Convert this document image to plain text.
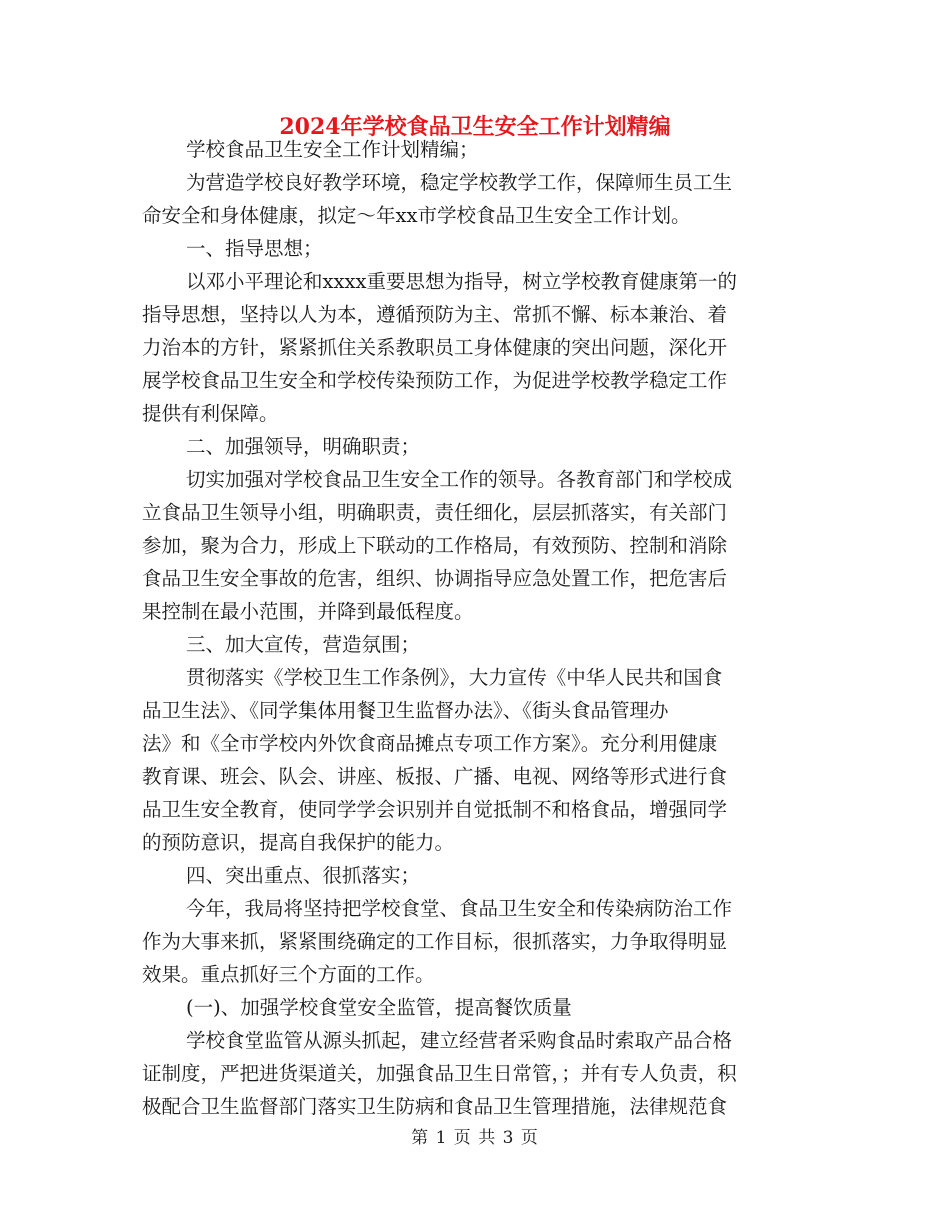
2024年学校食品卫生安全工作计划精编
学校食品卫生安全工作计划精编；
为营造学校良好教学环境，稳定学校教学工作，保障师生员工生
命安全和身体健康，拟定～年xx市学校食品卫生安全工作计划。
一、指导思想；
以邓小平理论和xxxx重要思想为指导，树立学校教育健康第一的
指导思想，坚持以人为本，遵循预防为主、常抓不懈、标本兼治、着
力治本的方针，紧紧抓住关系教职员工身体健康的突出问题，深化开
展学校食品卫生安全和学校传染预防工作，为促进学校教学稳定工作
提供有利保障。
二、加强领导，明确职责；
切实加强对学校食品卫生安全工作的领导。各教育部门和学校成
立食品卫生领导小组，明确职责，责任细化，层层抓落实，有关部门
参加，聚为合力，形成上下联动的工作格局，有效预防、控制和消除
食品卫生安全事故的危害，组织、协调指导应急处置工作，把危害后
果控制在最小范围，并降到最低程度。
三、加大宣传，营造氛围；
贯彻落实《学校卫生工作条例》，大力宣传《中华人民共和国食
品卫生法》、《同学集体用餐卫生监督办法》、《街头食品管理办
法》和《全市学校内外饮食商品摊点专项工作方案》。充分利用健康
教育课、班会、队会、讲座、板报、广播、电视、网络等形式进行食
品卫生安全教育，使同学学会识别并自觉抵制不和格食品，增强同学
的预防意识，提高自我保护的能力。
四、突出重点、很抓落实；
今年，我局将坚持把学校食堂、食品卫生安全和传染病防治工作
作为大事来抓，紧紧围绕确定的工作目标，很抓落实，力争取得明显
效果。重点抓好三个方面的工作。
(一)、加强学校食堂安全监管，提高餐饮质量
学校食堂监管从源头抓起，建立经营者采购食品时索取产品合格
证制度，严把进货渠道关，加强食品卫生日常管，；并有专人负责，积
极配合卫生监督部门落实卫生防病和食品卫生管理措施，法律规范食
第 1 页 共 3 页
